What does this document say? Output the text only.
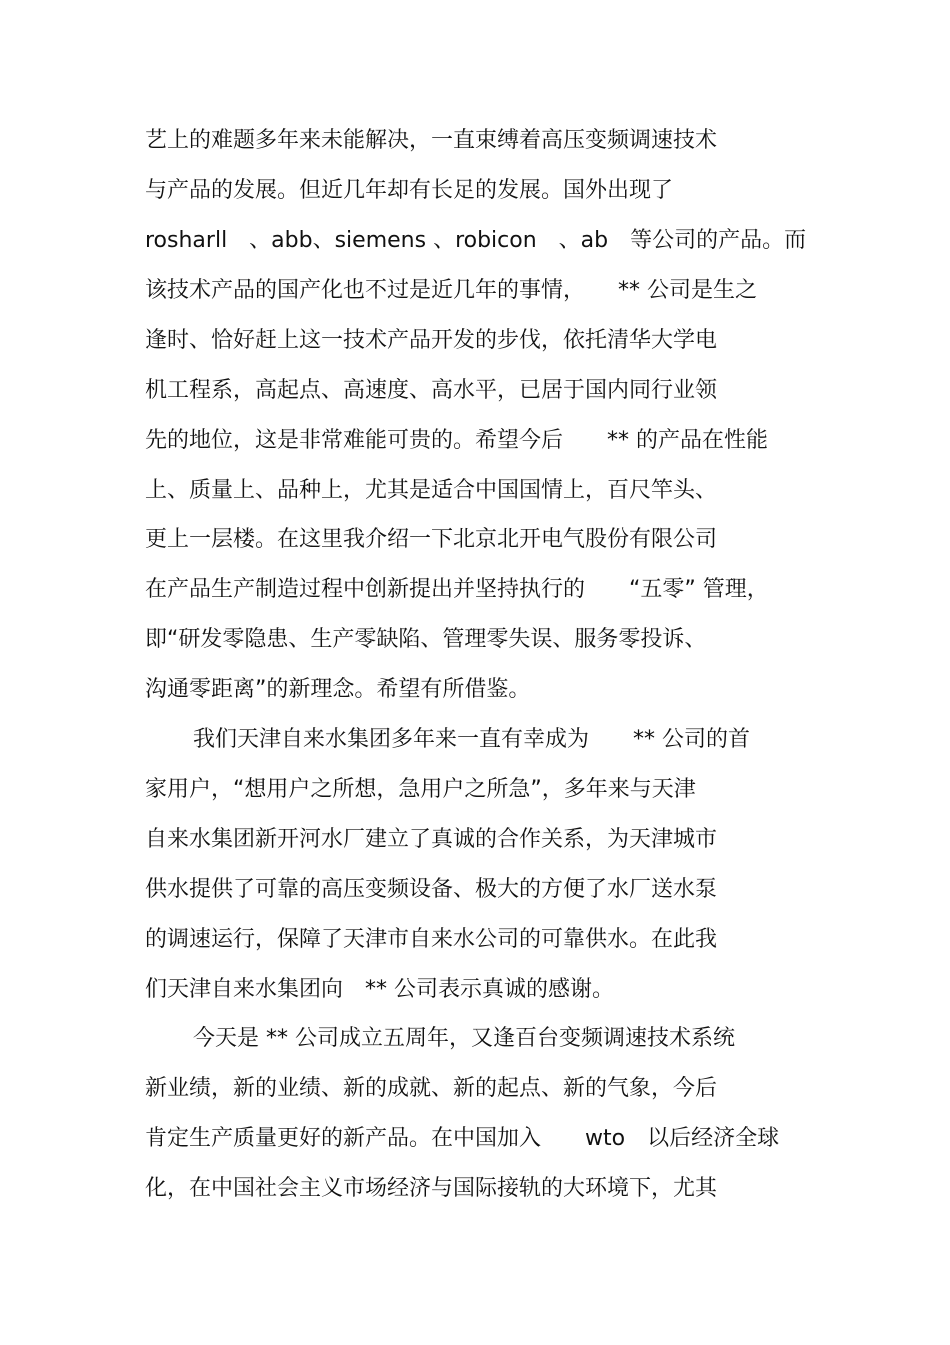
艺上的难题多年来未能解决，一直束缚着高压变频调速技术
与产品的发展。但近几年却有长足的发展。国外出现了
rosharll　、abb、siemens 、robicon　、ab　等公司的产品。而
该技术产品的国产化也不过是近几年的事情，　　** 公司是生之
逢时、恰好赶上这一技术产品开发的步伐，依托清华大学电
机工程系，高起点、高速度、高水平，已居于国内同行业领
先的地位，这是非常难能可贵的。希望今后　　** 的产品在性能
上、质量上、品种上，尤其是适合中国国情上，百尺竿头、
更上一层楼。在这里我介绍一下北京北开电气股份有限公司
在产品生产制造过程中创新提出并坚持执行的　　“五零” 管理，
即“研发零隐患、生产零缺陷、管理零失误、服务零投诉、
沟通零距离”的新理念。希望有所借鉴。
我们天津自来水集团多年来一直有幸成为　　** 公司的首
家用户，“想用户之所想，急用户之所急”，多年来与天津
自来水集团新开河水厂建立了真诚的合作关系，为天津城市
供水提供了可靠的高压变频设备、极大的方便了水厂送水泵
的调速运行，保障了天津市自来水公司的可靠供水。在此我
们天津自来水集团向　** 公司表示真诚的感谢。
今天是 ** 公司成立五周年，又逢百台变频调速技术系统
新业绩，新的业绩、新的成就、新的起点、新的气象，今后
肯定生产质量更好的新产品。在中国加入　　wto　以后经济全球
化，在中国社会主义市场经济与国际接轨的大环境下，尤其
